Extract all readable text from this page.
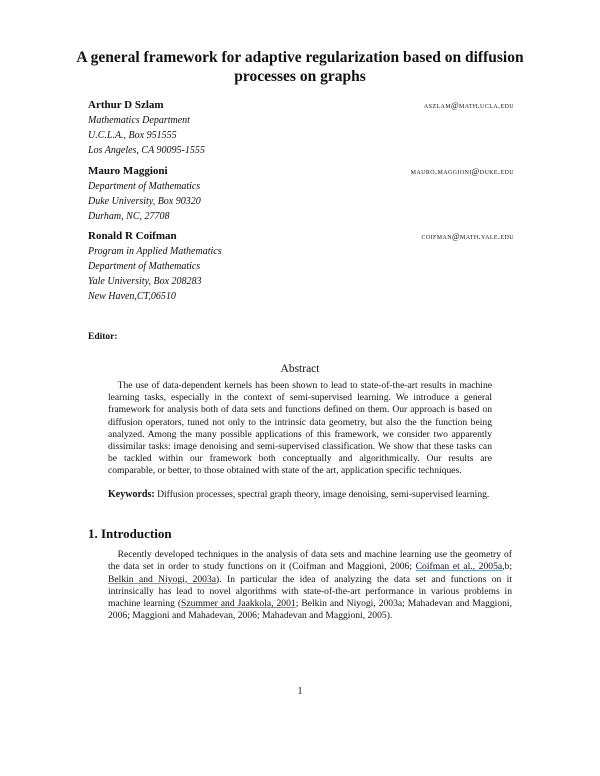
A general framework for adaptive regularization based on diffusion processes on graphs
Arthur D Szlam	aszlam@math.ucla.edu
Mathematics Department
U.C.L.A., Box 951555
Los Angeles, CA 90095-1555
Mauro Maggioni	mauro.maggioni@duke.edu
Department of Mathematics
Duke University, Box 90320
Durham, NC, 27708
Ronald R Coifman	coifman@math.yale.edu
Program in Applied Mathematics
Department of Mathematics
Yale University, Box 208283
New Haven,CT,06510
Editor:
Abstract
 The use of data-dependent kernels has been shown to lead to state-of-the-art results in machine learning tasks, especially in the context of semi-supervised learning. We introduce a general framework for analysis both of data sets and functions defined on them. Our approach is based on diffusion operators, tuned not only to the intrinsic data geometry, but also the the function being analyzed. Among the many possible applications of this framework, we consider two apparently dissimilar tasks: image denoising and semi-supervised classification. We show that these tasks can be tackled within our framework both conceptually and algorithmically. Our results are comparable, or better, to those obtained with state of the art, application specific techniques.
Keywords: Diffusion processes, spectral graph theory, image denoising, semi-supervised learning.
1. Introduction
 Recently developed techniques in the analysis of data sets and machine learning use the geometry of the data set in order to study functions on it (Coifman and Maggioni, 2006; Coifman et al., 2005a,b; Belkin and Niyogi, 2003a). In particular the idea of analyzing the data set and functions on it intrinsically has lead to novel algorithms with state-of-the-art performance in various problems in machine learning (Szummer and Jaakkola, 2001; Belkin and Niyogi, 2003a; Mahadevan and Maggioni, 2006; Maggioni and Mahadevan, 2006; Mahadevan and Maggioni, 2005).
1
